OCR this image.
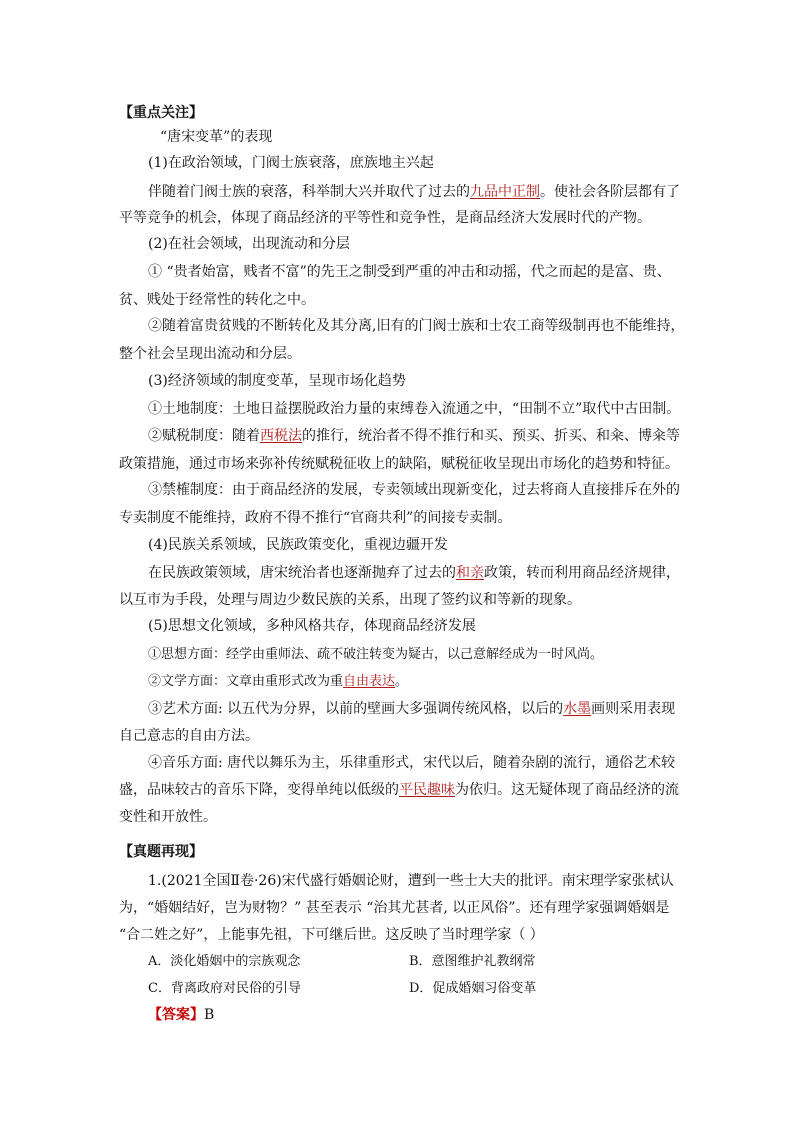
【重点关注】
“唐宋变革”的表现
(1)在政治领域，门阀士族衰落，庶族地主兴起
伴随着门阀士族的衰落，科举制大兴并取代了过去的九品中正制。使社会各阶层都有了
平等竞争的机会，体现了商品经济的平等性和竞争性，是商品经济大发展时代的产物。
(2)在社会领域，出现流动和分层
① “贵者始富，贱者不富”的先王之制受到严重的冲击和动摇，代之而起的是富、贵、
贫、贱处于经常性的转化之中。
②随着富贵贫贱的不断转化及其分离,旧有的门阀士族和士农工商等级制再也不能维持，
整个社会呈现出流动和分层。
(3)经济领域的制度变革，呈现市场化趋势
①土地制度：土地日益摆脱政治力量的束缚卷入流通之中，“田制不立”取代中古田制。
②赋税制度：随着西税法的推行，统治者不得不推行和买、预买、折买、和籴、博籴等
政策措施，通过市场来弥补传统赋税征收上的缺陷，赋税征收呈现出市场化的趋势和特征。
③禁榷制度：由于商品经济的发展，专卖领域出现新变化，过去将商人直接排斥在外的
专卖制度不能维持，政府不得不推行“官商共利”的间接专卖制。
(4)民族关系领域，民族政策变化，重视边疆开发
在民族政策领域，唐宋统治者也逐渐抛弃了过去的和亲政策，转而利用商品经济规律，
以互市为手段，处理与周边少数民族的关系，出现了签约议和等新的现象。
(5)思想文化领域，多种风格共存，体现商品经济发展
①思想方面：经学由重师法、疏不破注转变为疑古，以己意解经成为一时风尚。
②文学方面：文章由重形式改为重自由表达。
③艺术方面: 以五代为分界，以前的壁画大多强调传统风格，以后的水墨画则采用表现
自己意志的自由方法。
④音乐方面: 唐代以舞乐为主，乐律重形式，宋代以后，随着杂剧的流行，通俗艺术较
盛，品味较古的音乐下降，变得单纯以低级的平民趣味为依归。这无疑体现了商品经济的流
变性和开放性。
【真题再现】
1.(2021全国Ⅱ卷·26)宋代盛行婚姻论财，遭到一些士大夫的批评。南宋理学家张栻认
为，“婚姻结好，岂为财物？” 甚至表示 “治其尤甚者, 以正风俗”。还有理学家强调婚姻是
“合二姓之好”，上能事先祖，下可继后世。这反映了当时理学家（ ）
A．淡化婚姻中的宗族观念	B．意图维护礼教纲常
C．背离政府对民俗的引导	D．促成婚姻习俗变革
【答案】B
